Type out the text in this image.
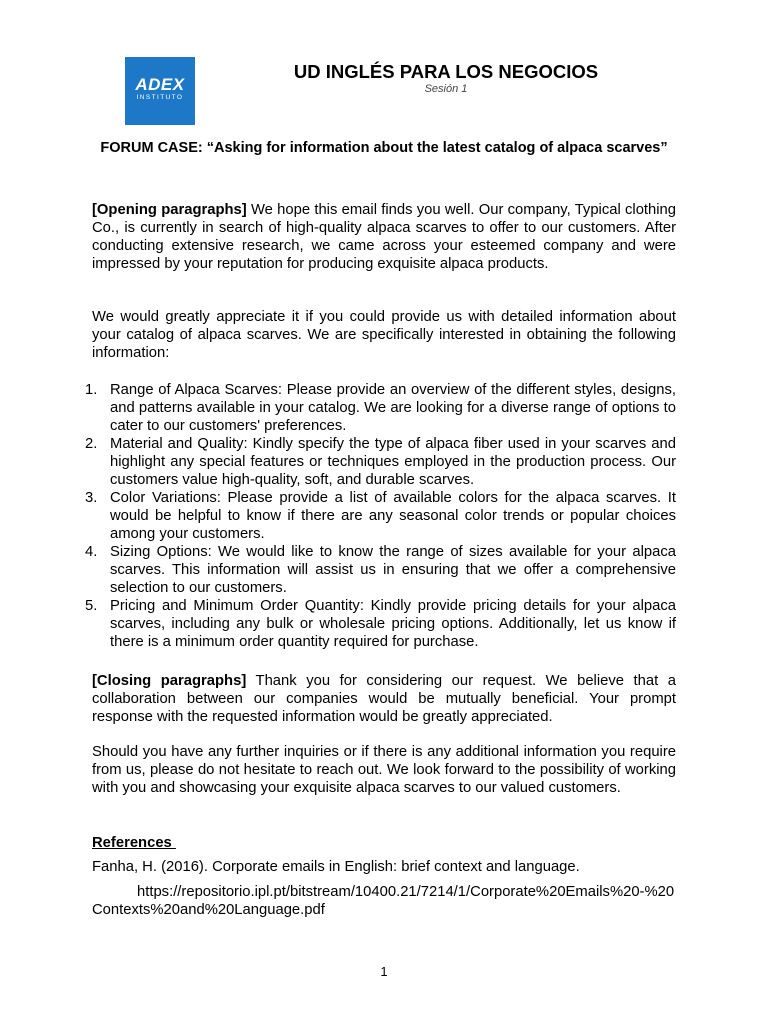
ADEX
INSTITUTO
UD INGLÉS PARA LOS NEGOCIOS
Sesión 1
FORUM CASE: “Asking for information about the latest catalog of alpaca scarves”
[Opening paragraphs] We hope this email finds you well. Our company, Typical clothing Co., is currently in search of high-quality alpaca scarves to offer to our customers. After conducting extensive research, we came across your esteemed company and were impressed by your reputation for producing exquisite alpaca products.
We would greatly appreciate it if you could provide us with detailed information about your catalog of alpaca scarves. We are specifically interested in obtaining the following information:
1. Range of Alpaca Scarves: Please provide an overview of the different styles, designs, and patterns available in your catalog. We are looking for a diverse range of options to cater to our customers' preferences.
2. Material and Quality: Kindly specify the type of alpaca fiber used in your scarves and highlight any special features or techniques employed in the production process. Our customers value high-quality, soft, and durable scarves.
3. Color Variations: Please provide a list of available colors for the alpaca scarves. It would be helpful to know if there are any seasonal color trends or popular choices among your customers.
4. Sizing Options: We would like to know the range of sizes available for your alpaca scarves. This information will assist us in ensuring that we offer a comprehensive selection to our customers.
5. Pricing and Minimum Order Quantity: Kindly provide pricing details for your alpaca scarves, including any bulk or wholesale pricing options. Additionally, let us know if there is a minimum order quantity required for purchase.
[Closing paragraphs] Thank you for considering our request. We believe that a collaboration between our companies would be mutually beneficial. Your prompt response with the requested information would be greatly appreciated.
Should you have any further inquiries or if there is any additional information you require from us, please do not hesitate to reach out. We look forward to the possibility of working with you and showcasing your exquisite alpaca scarves to our valued customers.
References
Fanha, H. (2016). Corporate emails in English: brief context and language.
https://repositorio.ipl.pt/bitstream/10400.21/7214/1/Corporate%20Emails%20-%20Contexts%20and%20Language.pdf
1
